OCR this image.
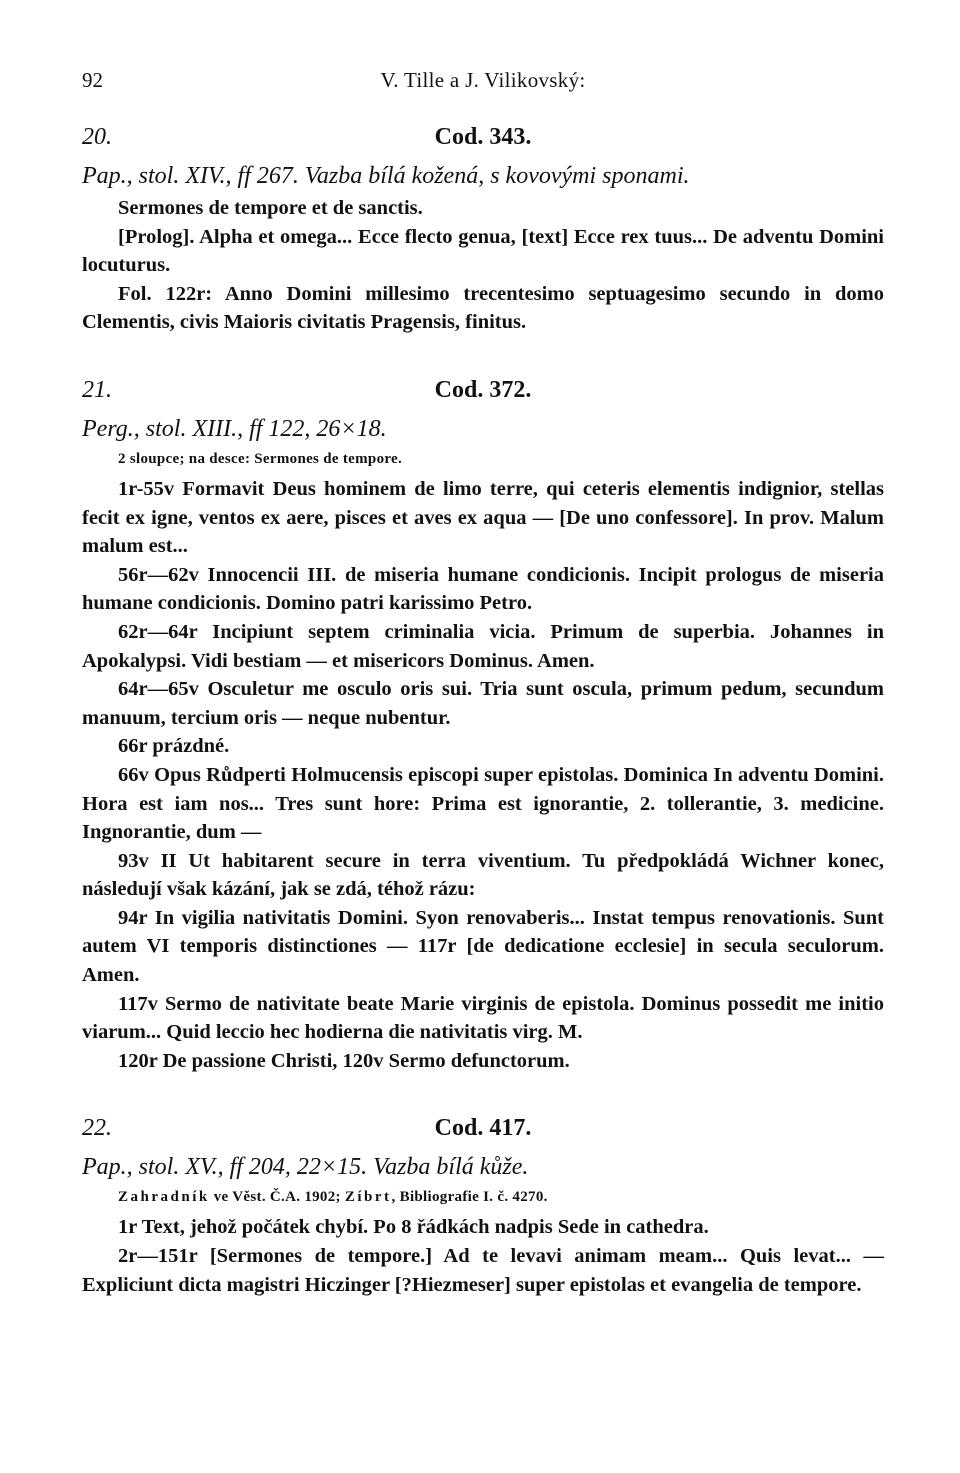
92	V. Tille a J. Vilikovský:
20.	Cod. 343.

Pap., stol. XIV., ff 267. Vazba bílá kožená, s kovovými sponami.

Sermones de tempore et de sanctis.

[Prolog]. Alpha et omega... Ecce flecto genua, [text] Ecce rex tuus... De adventu Domini locuturus.

Fol. 122r: Anno Domini millesimo trecentesimo septuagesimo secundo in domo Clementis, civis Maioris civitatis Pragensis, finitus.

21.	Cod. 372.

Perg., stol. XIII., ff 122, 26×18.

2 sloupce; na desce: Sermones de tempore.

1r-55v Formavit Deus hominem de limo terre, qui ceteris elementis indignior, stellas fecit ex igne, ventos ex aere, pisces et aves ex aqua — [De uno confessore]. In prov. Malum malum est...

56r—62v Innocencii III. de miseria humane condicionis. Incipit prologus de miseria humane condicionis. Domino patri karissimo Petro.

62r—64r Incipiunt septem criminalia vicia. Primum de superbia. Johannes in Apokalypsi. Vidi bestiam — et misericors Dominus. Amen.

64r—65v Osculetur me osculo oris sui. Tria sunt oscula, primum pedum, secundum manuum, tercium oris — neque nubentur.

66r prázdné.

66v Opus Růdperti Holmucensis episcopi super epistolas. Dominica In adventu Domini. Hora est iam nos... Tres sunt hore: Prima est ignorantie, 2. tollerantie, 3. medicine. Ingnorantie, dum —

93v II Ut habitarent secure in terra viventium. Tu předpokládá Wichner konec, následují však kázání, jak se zdá, téhož rázu:

94r In vigilia nativitatis Domini. Syon renovaberis... Instat tempus renovationis. Sunt autem VI temporis distinctiones — 117r [de dedicatione ecclesie] in secula seculorum. Amen.

117v Sermo de nativitate beate Marie virginis de epistola. Dominus possedit me initio viarum... Quid leccio hec hodierna die nativitatis virg. M.

120r De passione Christi, 120v Sermo defunctorum.

22.	Cod. 417.

Pap., stol. XV., ff 204, 22×15. Vazba bílá kůže.

Zahradník ve Věst. Č.A. 1902; Zíbrt, Bibliografie I. č. 4270.

1r Text, jehož počátek chybí. Po 8 řádkách nadpis Sede in cathedra.

2r—151r [Sermones de tempore.] Ad te levavi animam meam... Quis levat... — Expliciunt dicta magistri Hiczinger [?Hiezmeser] super epistolas et evangelia de tempore.
